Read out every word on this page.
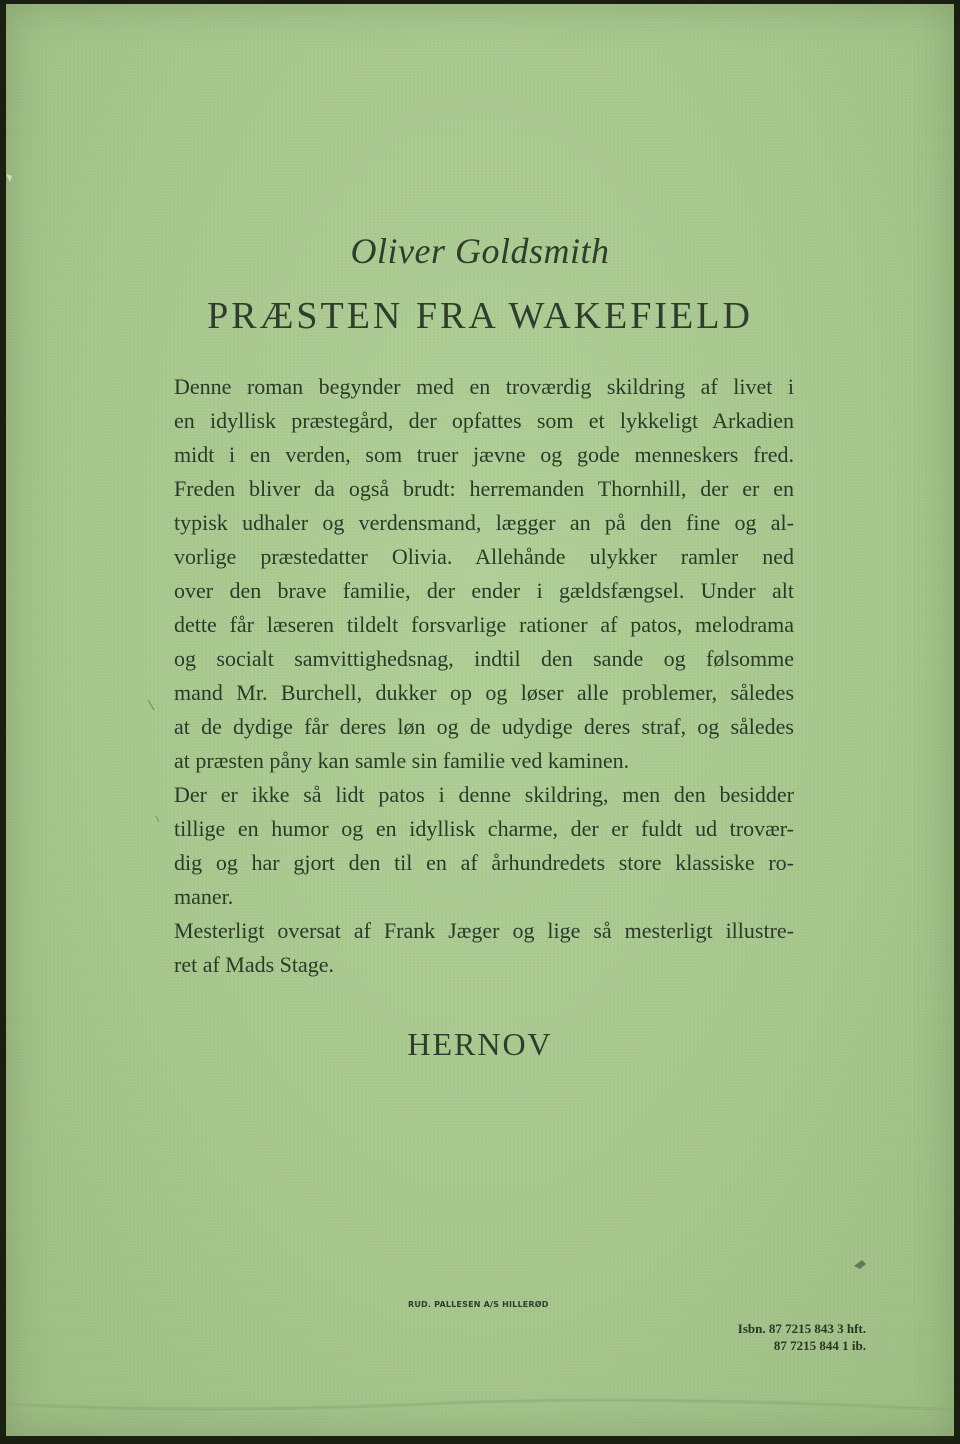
Oliver Goldsmith
PRÆSTEN FRA WAKEFIELD
Denne roman begynder med en troværdig skildring af livet i
en idyllisk præstegård, der opfattes som et lykkeligt Arkadien
midt i en verden, som truer jævne og gode menneskers fred.
Freden bliver da også brudt: herremanden Thornhill, der er en
typisk udhaler og verdensmand, lægger an på den fine og al-
vorlige præstedatter Olivia. Allehånde ulykker ramler ned
over den brave familie, der ender i gældsfængsel. Under alt
dette får læseren tildelt forsvarlige rationer af patos, melodrama
og socialt samvittighedsnag, indtil den sande og følsomme
mand Mr. Burchell, dukker op og løser alle problemer, således
at de dydige får deres løn og de udydige deres straf, og således
at præsten påny kan samle sin familie ved kaminen.
Der er ikke så lidt patos i denne skildring, men den besidder
tillige en humor og en idyllisk charme, der er fuldt ud trovær-
dig og har gjort den til en af århundredets store klassiske ro-
maner.
Mesterligt oversat af Frank Jæger og lige så mesterligt illustre-
ret af Mads Stage.
HERNOV
RUD. PALLESEN A/S HILLERØD
Isbn. 87 7215 843 3 hft.
87 7215 844 1 ib.
